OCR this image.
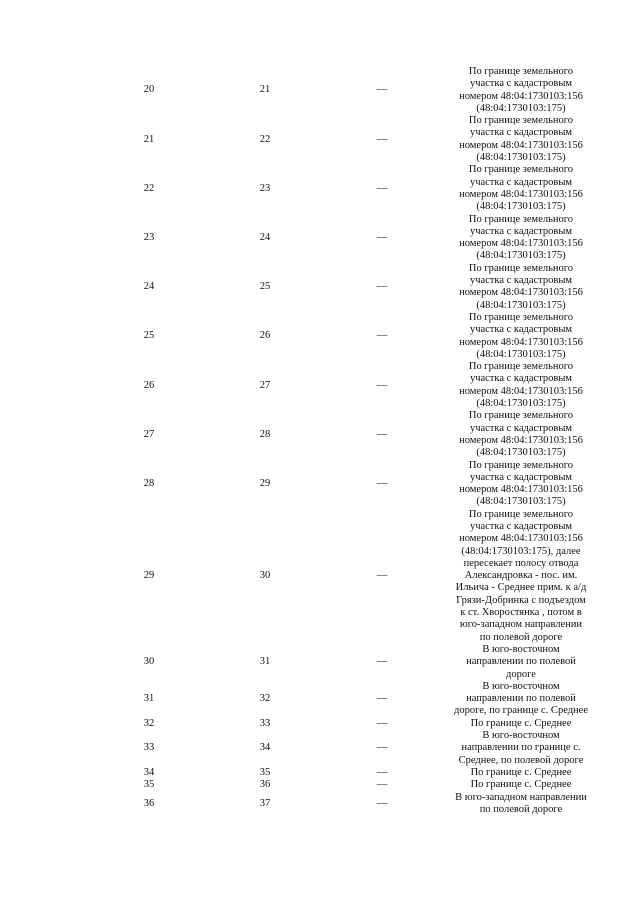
20	21	—
По границе земельного
участка с кадастровым
номером 48:04:1730103:156
(48:04:1730103:175)
21	22	—
По границе земельного
участка с кадастровым
номером 48:04:1730103:156
(48:04:1730103:175)
22	23	—
По границе земельного
участка с кадастровым
номером 48:04:1730103:156
(48:04:1730103:175)
23	24	—
По границе земельного
участка с кадастровым
номером 48:04:1730103:156
(48:04:1730103:175)
24	25	—
По границе земельного
участка с кадастровым
номером 48:04:1730103:156
(48:04:1730103:175)
25	26	—
По границе земельного
участка с кадастровым
номером 48:04:1730103:156
(48:04:1730103:175)
26	27	—
По границе земельного
участка с кадастровым
номером 48:04:1730103:156
(48:04:1730103:175)
27	28	—
По границе земельного
участка с кадастровым
номером 48:04:1730103:156
(48:04:1730103:175)
28	29	—
По границе земельного
участка с кадастровым
номером 48:04:1730103:156
(48:04:1730103:175)
29	30	—
По границе земельного
участка с кадастровым
номером 48:04:1730103:156
(48:04:1730103:175), далее
пересекает полосу отвода
Александровка - пос. им.
Ильича - Среднее прим. к а/д
Грязи-Добринка с подъездом
к ст. Хворостянка , потом в
юго-западном направлении
по полевой дороге
30	31	—
В юго-восточном
направлении по полевой
дороге
31	32	—
В юго-восточном
направлении по полевой
дороге, по границе с. Среднее
32	33	—	По границе с. Среднее
33	34	—
В юго-восточном
направлении по границе с.
Среднее, по полевой дороге
34	35	—	По границе с. Среднее
35	36	—	По границе с. Среднее
36	37	—
В юго-западном направлении
по полевой дороге
